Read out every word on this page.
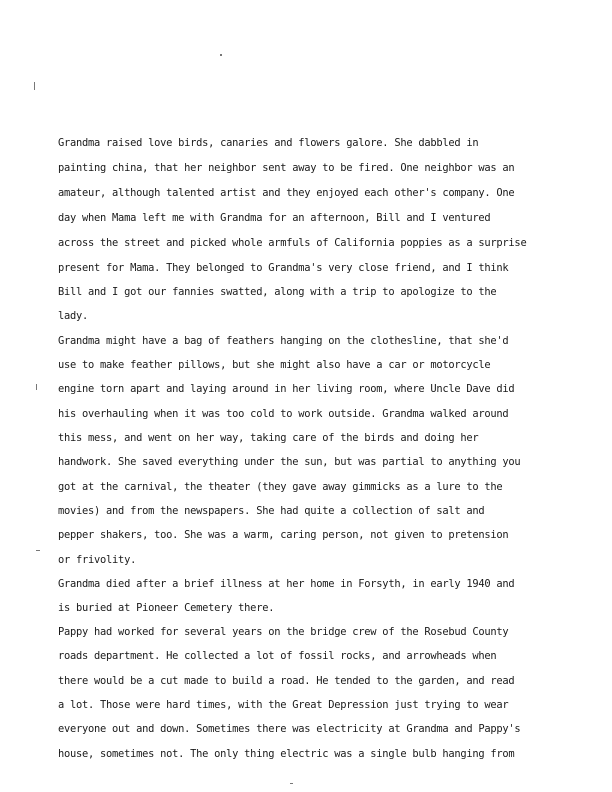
Grandma raised love birds, canaries and flowers galore. She dabbled in
painting china, that her neighbor sent away to be fired. One neighbor was an
amateur, although talented artist and they enjoyed each other's company. One
day when Mama left me with Grandma for an afternoon, Bill and I ventured
across the street and picked whole armfuls of California poppies as a surprise
present for Mama. They belonged to Grandma's very close friend, and I think
Bill and I got our fannies swatted, along with a trip to apologize to the
lady.
Grandma might have a bag of feathers hanging on the clothesline, that she'd
use to make feather pillows, but she might also have a car or motorcycle
engine torn apart and laying around in her living room, where Uncle Dave did
his overhauling when it was too cold to work outside. Grandma walked around
this mess, and went on her way, taking care of the birds and doing her
handwork. She saved everything under the sun, but was partial to anything you
got at the carnival, the theater (they gave away gimmicks as a lure to the
movies) and from the newspapers. She had quite a collection of salt and
pepper shakers, too. She was a warm, caring person, not given to pretension
or frivolity.
Grandma died after a brief illness at her home in Forsyth, in early 1940 and
is buried at Pioneer Cemetery there.
Pappy had worked for several years on the bridge crew of the Rosebud County
roads department. He collected a lot of fossil rocks, and arrowheads when
there would be a cut made to build a road. He tended to the garden, and read
a lot. Those were hard times, with the Great Depression just trying to wear
everyone out and down. Sometimes there was electricity at Grandma and Pappy's
house, sometimes not. The only thing electric was a single bulb hanging from
